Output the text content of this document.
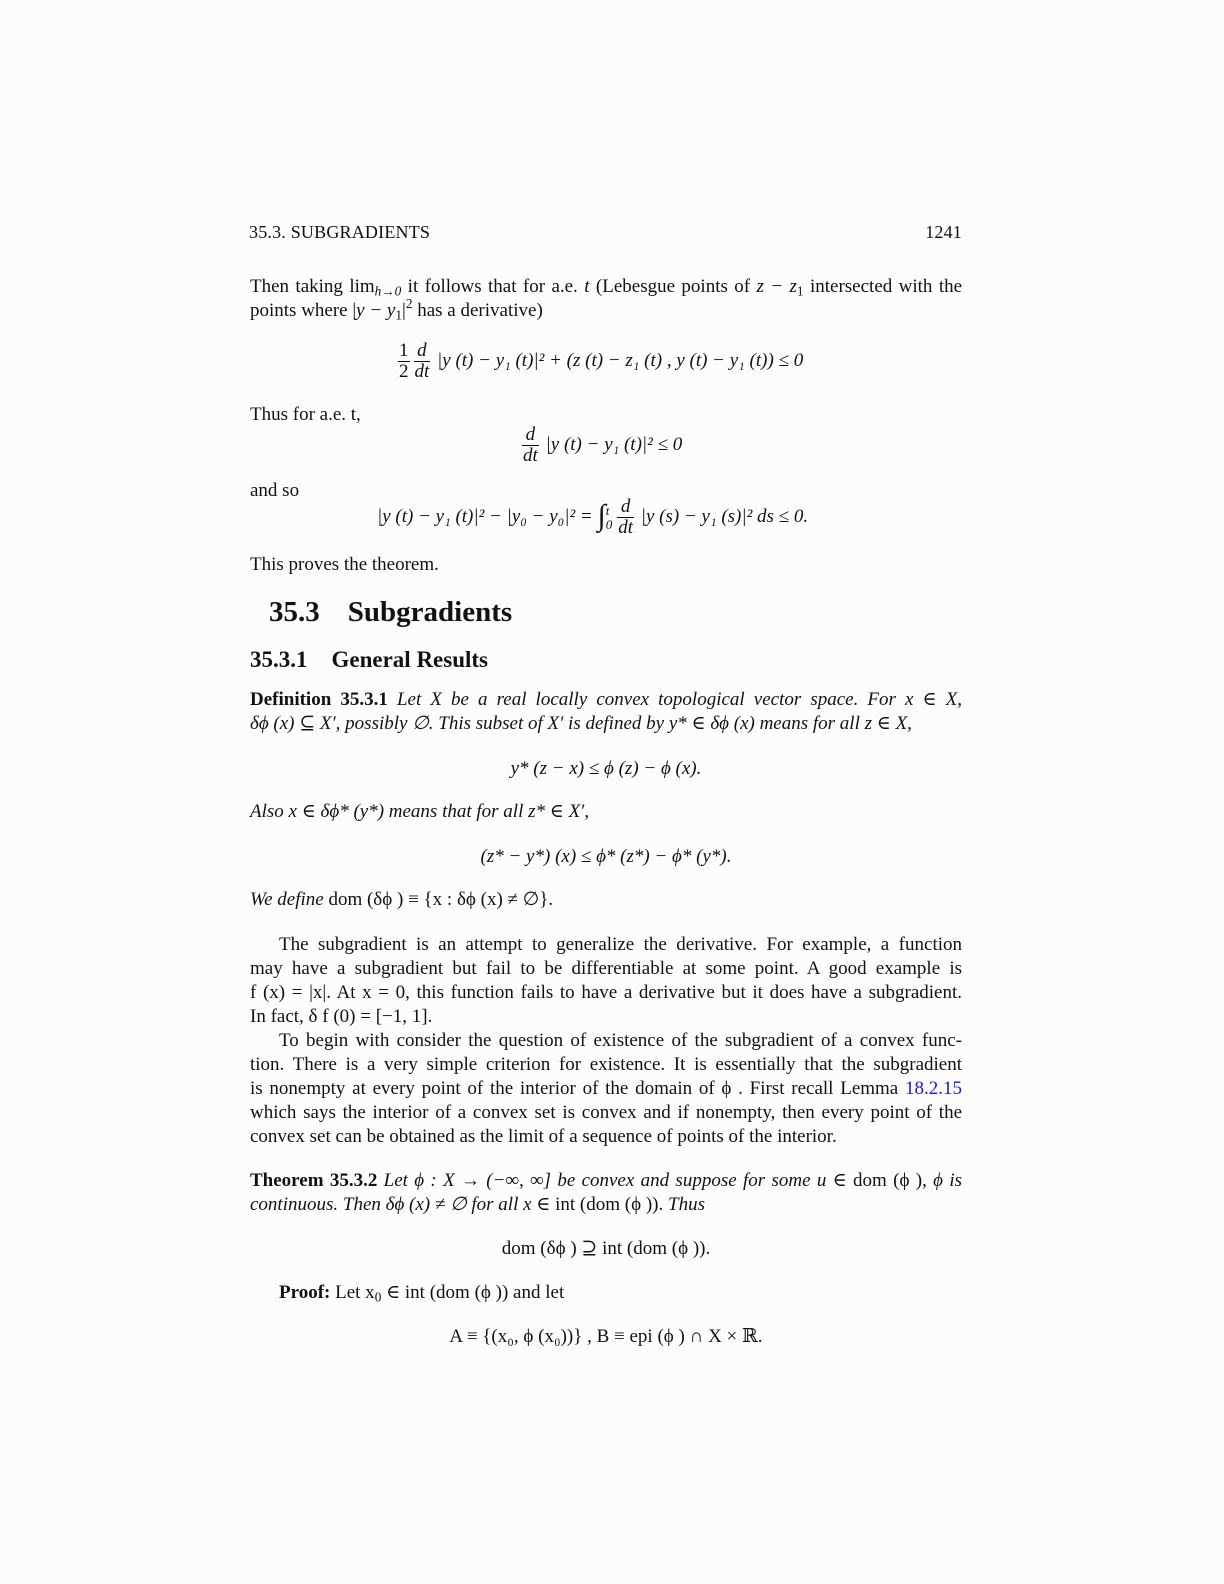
35.3. SUBGRADIENTS	1241
Then taking $\lim_{h\to 0}$ it follows that for a.e. t (Lebesgue points of $z - z_1$ intersected with the
points where $|y - y_1|^2$ has a derivative)
$\frac{1}{2} \frac{d}{dt} |y$ (t) − y₁ (t)|² + (z (t) − z₁ (t) , y (t) − y₁ (t)) ≤ 0
Thus for a.e. t,
$\frac{d}{dt} |y$ (t) − y₁ (t)|² ≤ 0
and so
|y (t) − y₁ (t)|² − |y₀ − y₀|² = ∫ t
$0 \frac{d}{dt} |y$ (s) − y₁ (s)|² ds ≤ 0.
This proves the theorem.
35.3 Subgradients
35.3.1 General Results
Definition 35.3.1 Let X be a real locally convex topological vector space. For x ∈ X,
δϕ (x) ⊆ X′, possibly ∅. This subset of X′ is defined by y* ∈ δϕ (x) means for all z ∈ X,
y* (z − x) ≤ ϕ (z) − ϕ (x).
Also x ∈ δϕ* (y*) means that for all z* ∈ X′,
(z* − y*) (x) ≤ ϕ* (z*) − ϕ* (y*).
We define dom (δϕ ) ≡ {x : δϕ (x) ≠ ∅}.
The subgradient is an attempt to generalize the derivative. For example, a function
may have a subgradient but fail to be differentiable at some point. A good example is
f (x) = |x|. At x = 0, this function fails to have a derivative but it does have a subgradient.
In fact, δ f (0) = [−1, 1].
To begin with consider the question of existence of the subgradient of a convex func-
tion. There is a very simple criterion for existence. It is essentially that the subgradient
is nonempty at every point of the interior of the domain of ϕ . First recall Lemma 18.2.15
which says the interior of a convex set is convex and if nonempty, then every point of the
convex set can be obtained as the limit of a sequence of points of the interior.
Theorem 35.3.2 Let ϕ : X → (−∞, ∞] be convex and suppose for some u ∈ dom (ϕ ), ϕ is
continuous. Then δϕ (x) ≠ ∅ for all x ∈ int (dom (ϕ )). Thus
dom (δϕ ) ⊇ int (dom (ϕ )).
Proof: Let $x_0$ ∈ int (dom (ϕ )) and let
A ≡ {(x₀, ϕ (x₀))} , B ≡ epi (ϕ ) ∩ X × ℝ.
